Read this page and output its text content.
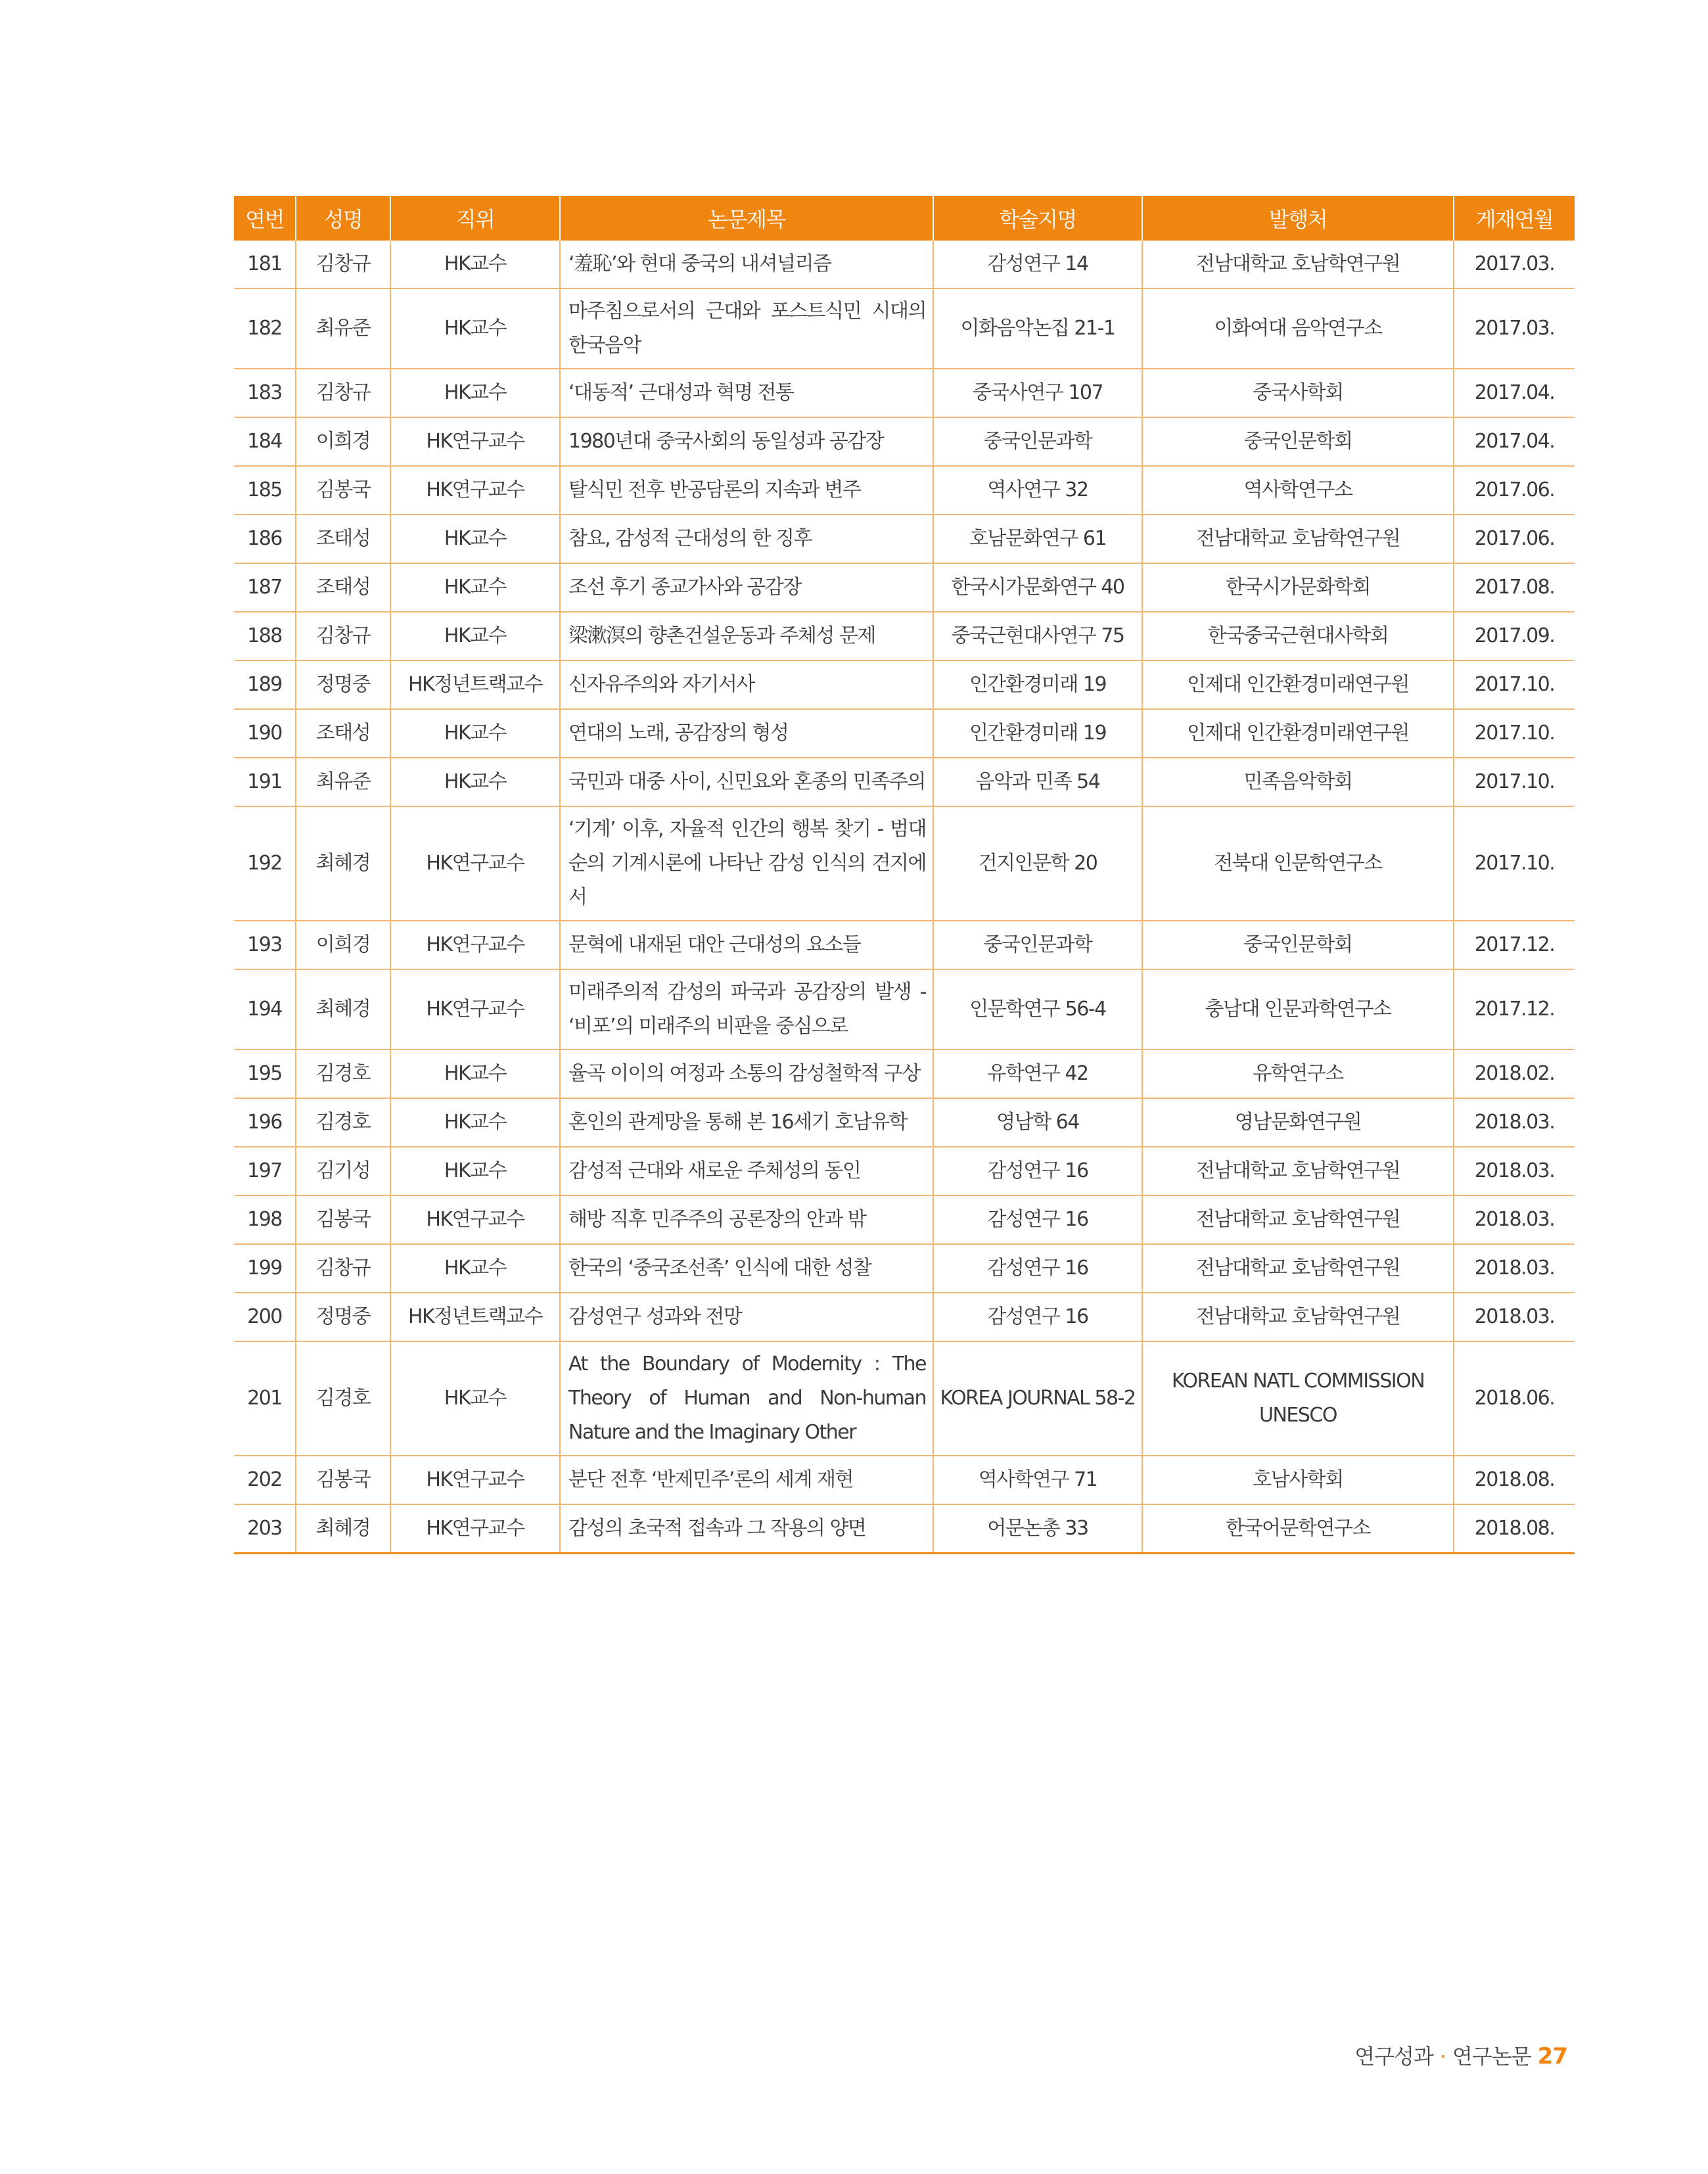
연번	성명	직위	논문제목	학술지명	발행처	게재연월
181	김창규	HK교수	‘羞恥’와 현대 중국의 내셔널리즘	감성연구 14	전남대학교 호남학연구원	2017.03.
182	최유준	HK교수	마주침으로서의 근대와 포스트식민 시대의 한국음악	이화음악논집 21-1	이화여대 음악연구소	2017.03.
183	김창규	HK교수	‘대동적’ 근대성과 혁명 전통	중국사연구 107	중국사학회	2017.04.
184	이희경	HK연구교수	1980년대 중국사회의 동일성과 공감장	중국인문과학	중국인문학회	2017.04.
185	김봉국	HK연구교수	탈식민 전후 반공담론의 지속과 변주	역사연구 32	역사학연구소	2017.06.
186	조태성	HK교수	참요, 감성적 근대성의 한 징후	호남문화연구 61	전남대학교 호남학연구원	2017.06.
187	조태성	HK교수	조선 후기 종교가사와 공감장	한국시가문화연구 40	한국시가문화학회	2017.08.
188	김창규	HK교수	梁漱溟의 향촌건설운동과 주체성 문제	중국근현대사연구 75	한국중국근현대사학회	2017.09.
189	정명중	HK정년트랙교수	신자유주의와 자기서사	인간환경미래 19	인제대 인간환경미래연구원	2017.10.
190	조태성	HK교수	연대의 노래, 공감장의 형성	인간환경미래 19	인제대 인간환경미래연구원	2017.10.
191	최유준	HK교수	국민과 대중 사이, 신민요와 혼종의 민족주의	음악과 민족 54	민족음악학회	2017.10.
192	최혜경	HK연구교수	‘기계’ 이후, 자율적 인간의 행복 찾기 - 범대순의 기계시론에 나타난 감성 인식의 견지에서	건지인문학 20	전북대 인문학연구소	2017.10.
193	이희경	HK연구교수	문혁에 내재된 대안 근대성의 요소들	중국인문과학	중국인문학회	2017.12.
194	최혜경	HK연구교수	미래주의적 감성의 파국과 공감장의 발생 - ‘비포’의 미래주의 비판을 중심으로	인문학연구 56-4	충남대 인문과학연구소	2017.12.
195	김경호	HK교수	율곡 이이의 여정과 소통의 감성철학적 구상	유학연구 42	유학연구소	2018.02.
196	김경호	HK교수	혼인의 관계망을 통해 본 16세기 호남유학	영남학 64	영남문화연구원	2018.03.
197	김기성	HK교수	감성적 근대와 새로운 주체성의 동인	감성연구 16	전남대학교 호남학연구원	2018.03.
198	김봉국	HK연구교수	해방 직후 민주주의 공론장의 안과 밖	감성연구 16	전남대학교 호남학연구원	2018.03.
199	김창규	HK교수	한국의 ‘중국조선족’ 인식에 대한 성찰	감성연구 16	전남대학교 호남학연구원	2018.03.
200	정명중	HK정년트랙교수	감성연구 성과와 전망	감성연구 16	전남대학교 호남학연구원	2018.03.
201	김경호	HK교수	At the Boundary of Modernity : The Theory of Human and Non-human Nature and the Imaginary Other	KOREA JOURNAL 58-2	KOREAN NATL COMMISSION UNESCO	2018.06.
202	김봉국	HK연구교수	분단 전후 ‘반제민주’론의 세계 재현	역사학연구 71	호남사학회	2018.08.
203	최혜경	HK연구교수	감성의 초국적 접속과 그 작용의 양면	어문논총 33	한국어문학연구소	2018.08.
연구성과 · 연구논문 27
